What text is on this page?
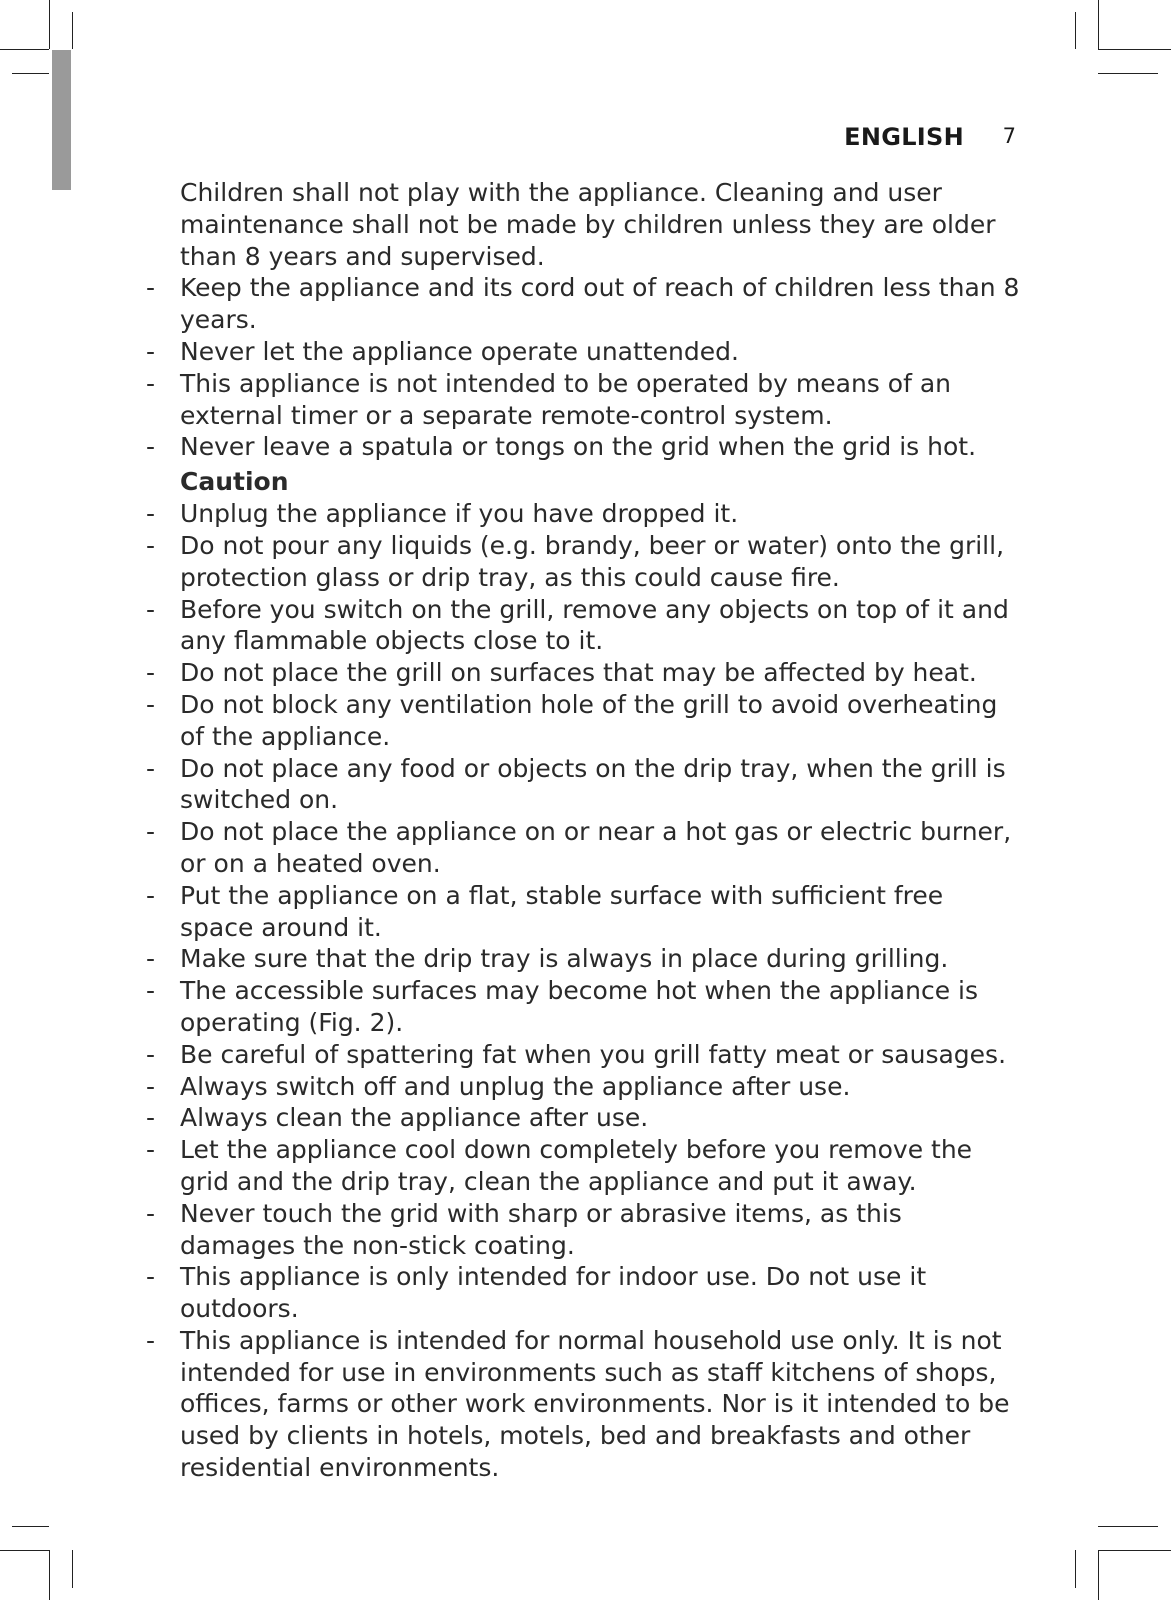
ENGLISH 7

Children shall not play with the appliance. Cleaning and user maintenance shall not be made by children unless they are older than 8 years and supervised.

- Keep the appliance and its cord out of reach of children less than 8 years.
- Never let the appliance operate unattended.
- This appliance is not intended to be operated by means of an external timer or a separate remote-control system.
- Never leave a spatula or tongs on the grid when the grid is hot.

Caution

- Unplug the appliance if you have dropped it.
- Do not pour any liquids (e.g. brandy, beer or water) onto the grill, protection glass or drip tray, as this could cause fire.
- Before you switch on the grill, remove any objects on top of it and any flammable objects close to it.
- Do not place the grill on surfaces that may be affected by heat.
- Do not block any ventilation hole of the grill to avoid overheating of the appliance.
- Do not place any food or objects on the drip tray, when the grill is switched on.
- Do not place the appliance on or near a hot gas or electric burner, or on a heated oven.
- Put the appliance on a flat, stable surface with sufficient free space around it.
- Make sure that the drip tray is always in place during grilling.
- The accessible surfaces may become hot when the appliance is operating (Fig. 2).
- Be careful of spattering fat when you grill fatty meat or sausages.
- Always switch off and unplug the appliance after use.
- Always clean the appliance after use.
- Let the appliance cool down completely before you remove the grid and the drip tray, clean the appliance and put it away.
- Never touch the grid with sharp or abrasive items, as this damages the non-stick coating.
- This appliance is only intended for indoor use. Do not use it outdoors.
- This appliance is intended for normal household use only. It is not intended for use in environments such as staff kitchens of shops, offices, farms or other work environments. Nor is it intended to be used by clients in hotels, motels, bed and breakfasts and other residential environments.
